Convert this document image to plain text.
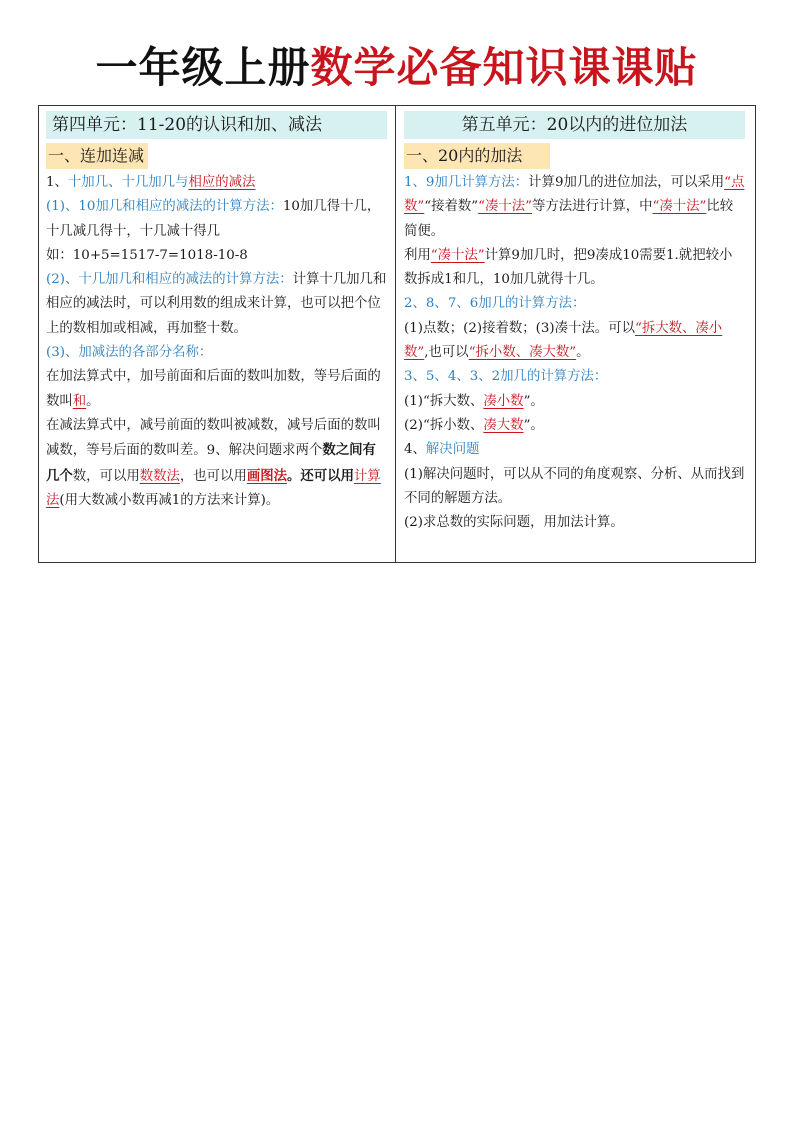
一年级上册数学必备知识课课贴
第四单元：11-20的认识和加、减法
一、连加连减

1、十加几、十几加几与相应的减法

(1)、10加几和相应的减法的计算方法：10加几得十几，十几减几得十，十几减十得几

如：10+5=1517-7=1018-10-8

(2)、十几加几和相应的减法的计算方法：计算十几加几和相应的减法时，可以利用数的组成来计算，也可以把个位上的数相加或相减，再加整十数。

(3)、加减法的各部分名称：

在加法算式中，加号前面和后面的数叫加数，等号后面的数叫和。

在减法算式中，减号前面的数叫被减数，减号后面的数叫减数，等号后面的数叫差。9、解决问题求两个数之间有几个数，可以用数数法，也可以用画图法。还可以用计算法(用大数减小数再减1的方法来计算)。

第五单元：20以内的进位加法
一、20内的加法

1、9加几计算方法：计算9加几的进位加法，可以采用“点数”“接着数”“凑十法”等方法进行计算，中“凑十法”比较简便。

利用“凑十法”计算9加几时，把9凑成10需要1.就把较小数拆成1和几，10加几就得十几。

2、8、7、6加几的计算方法：

(1)点数；(2)接着数；(3)凑十法。可以“拆大数、凑小数”,也可以“拆小数、凑大数”。

3、5、4、3、2加几的计算方法：

(1)“拆大数、凑小数”。

(2)“拆小数、凑大数”。

4、解决问题

(1)解决问题时，可以从不同的角度观察、分析、从而找到不同的解题方法。

(2)求总数的实际问题，用加法计算。
